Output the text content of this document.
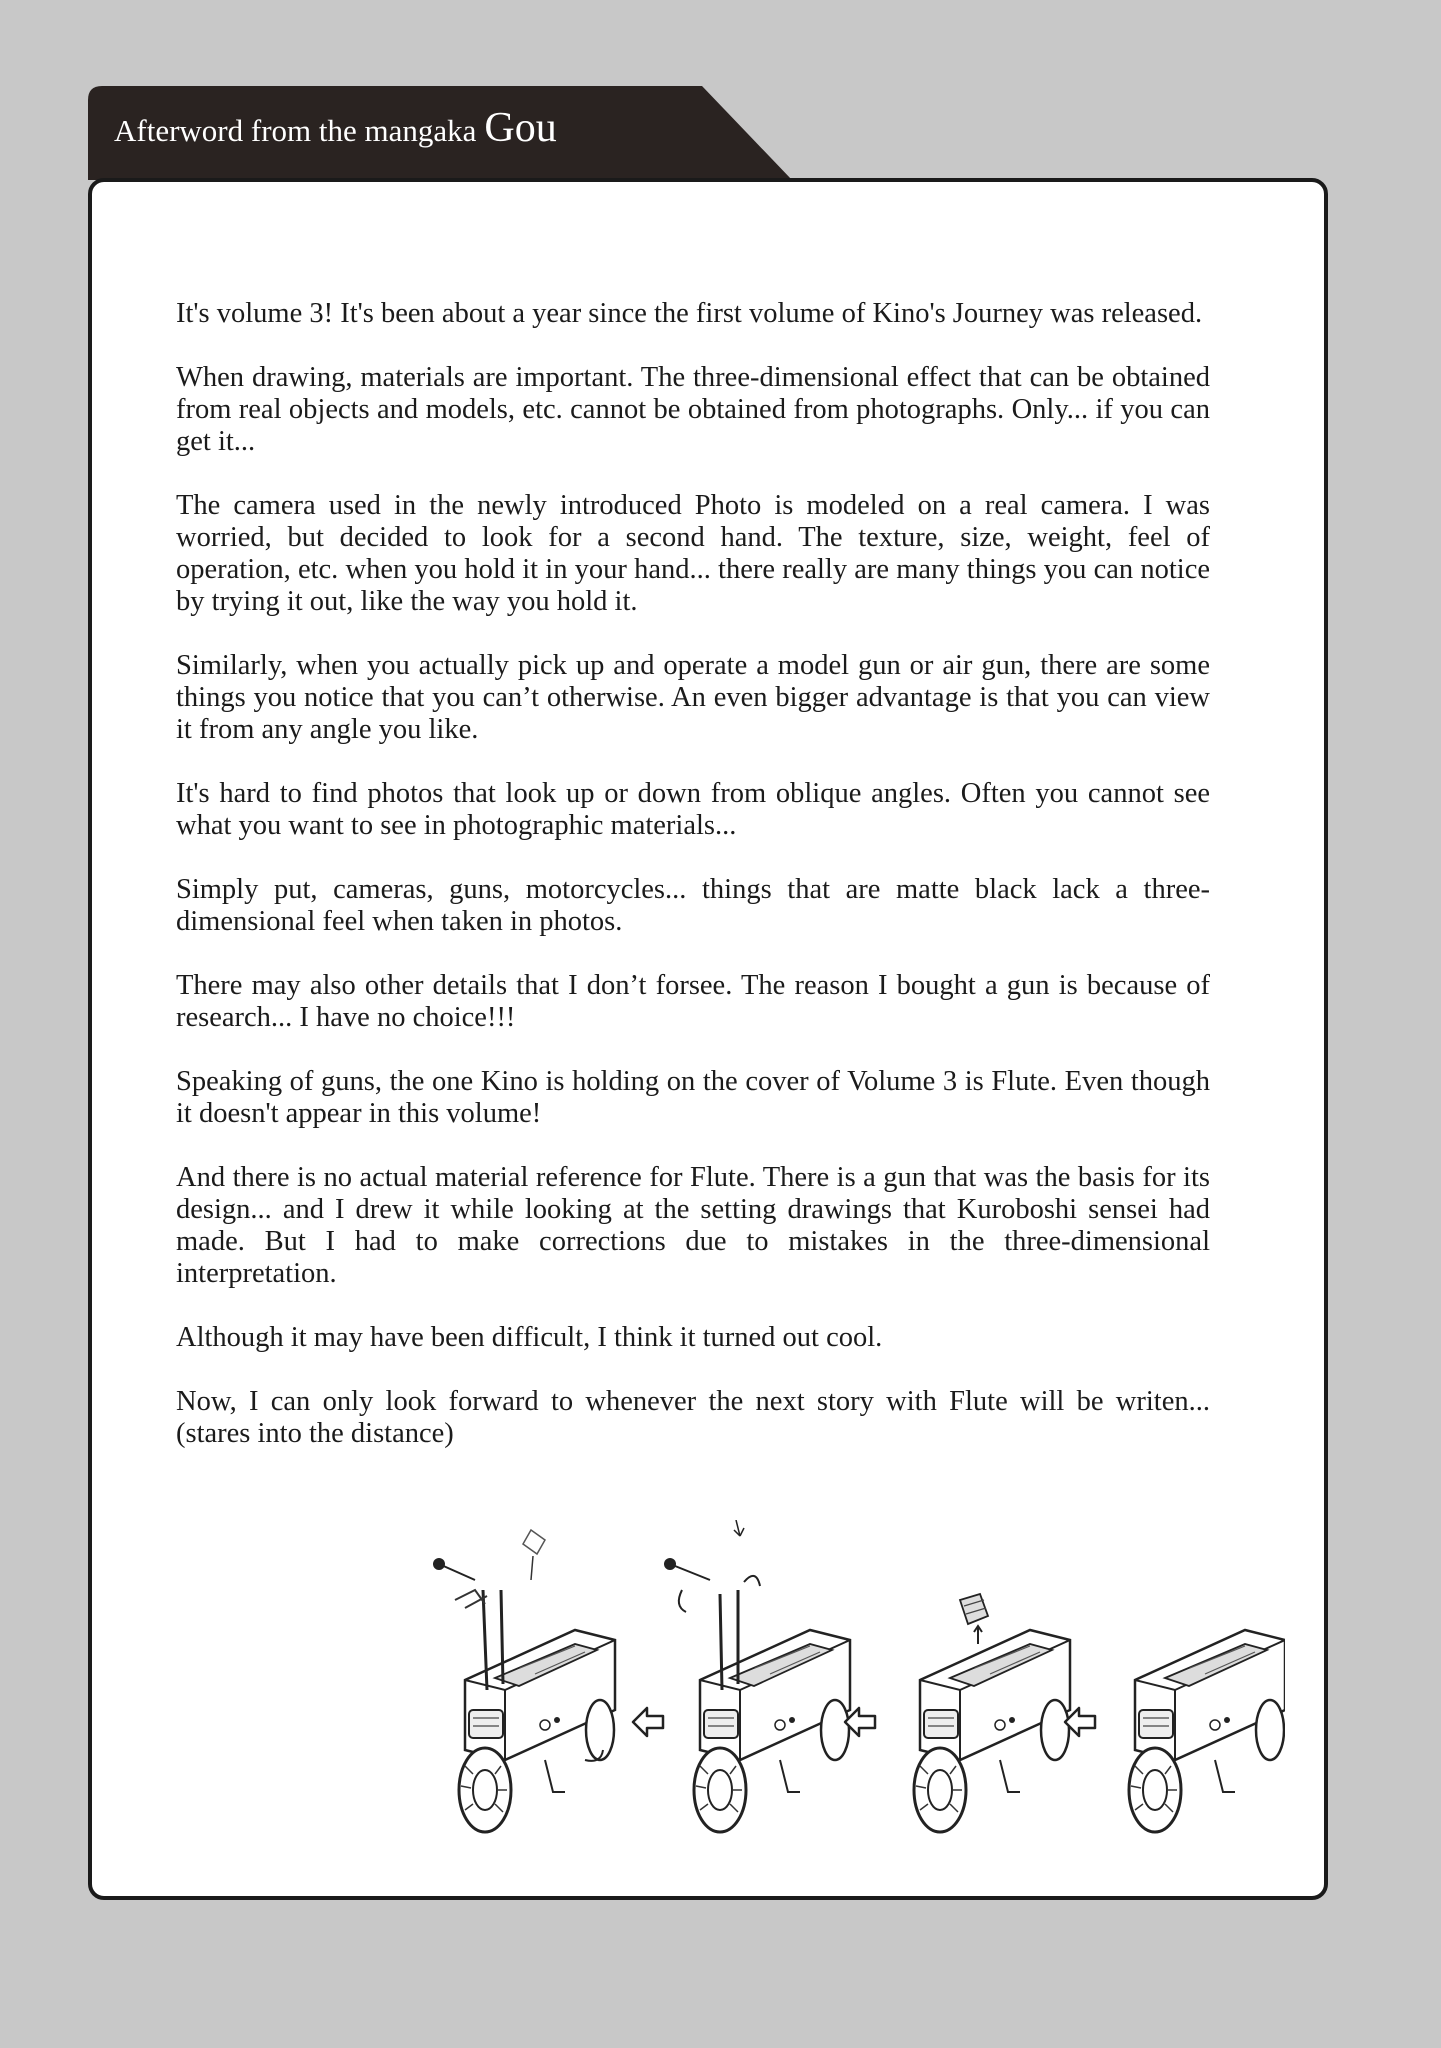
Afterword from the mangaka Gou

It's volume 3! It's been about a year since the first volume of Kino's Journey was released.

When drawing, materials are important. The three-dimensional effect that can be obtained from real objects and models, etc. cannot be obtained from photographs. Only... if you can get it...

The camera used in the newly introduced Photo is modeled on a real camera. I was worried, but decided to look for a second hand. The texture, size, weight, feel of operation, etc. when you hold it in your hand... there really are many things you can notice by trying it out, like the way you hold it.

Similarly, when you actually pick up and operate a model gun or air gun, there are some things you notice that you can’t otherwise. An even bigger advantage is that you can view it from any angle you like.

It's hard to find photos that look up or down from oblique angles. Often you cannot see what you want to see in photographic materials...

Simply put, cameras, guns, motorcycles... things that are matte black lack a three-dimensional feel when taken in photos.

There may also other details that I don’t forsee. The reason I bought a gun is because of research... I have no choice!!!

Speaking of guns, the one Kino is holding on the cover of Volume 3 is Flute. Even though it doesn't appear in this volume!

And there is no actual material reference for Flute. There is a gun that was the basis for its design... and I drew it while looking at the setting drawings that Kuroboshi sensei had made. But I had to make corrections due to mistakes in the three-dimensional interpretation.

Although it may have been difficult, I think it turned out cool.

Now, I can only look forward to whenever the next story with Flute will be writen... (stares into the distance)
